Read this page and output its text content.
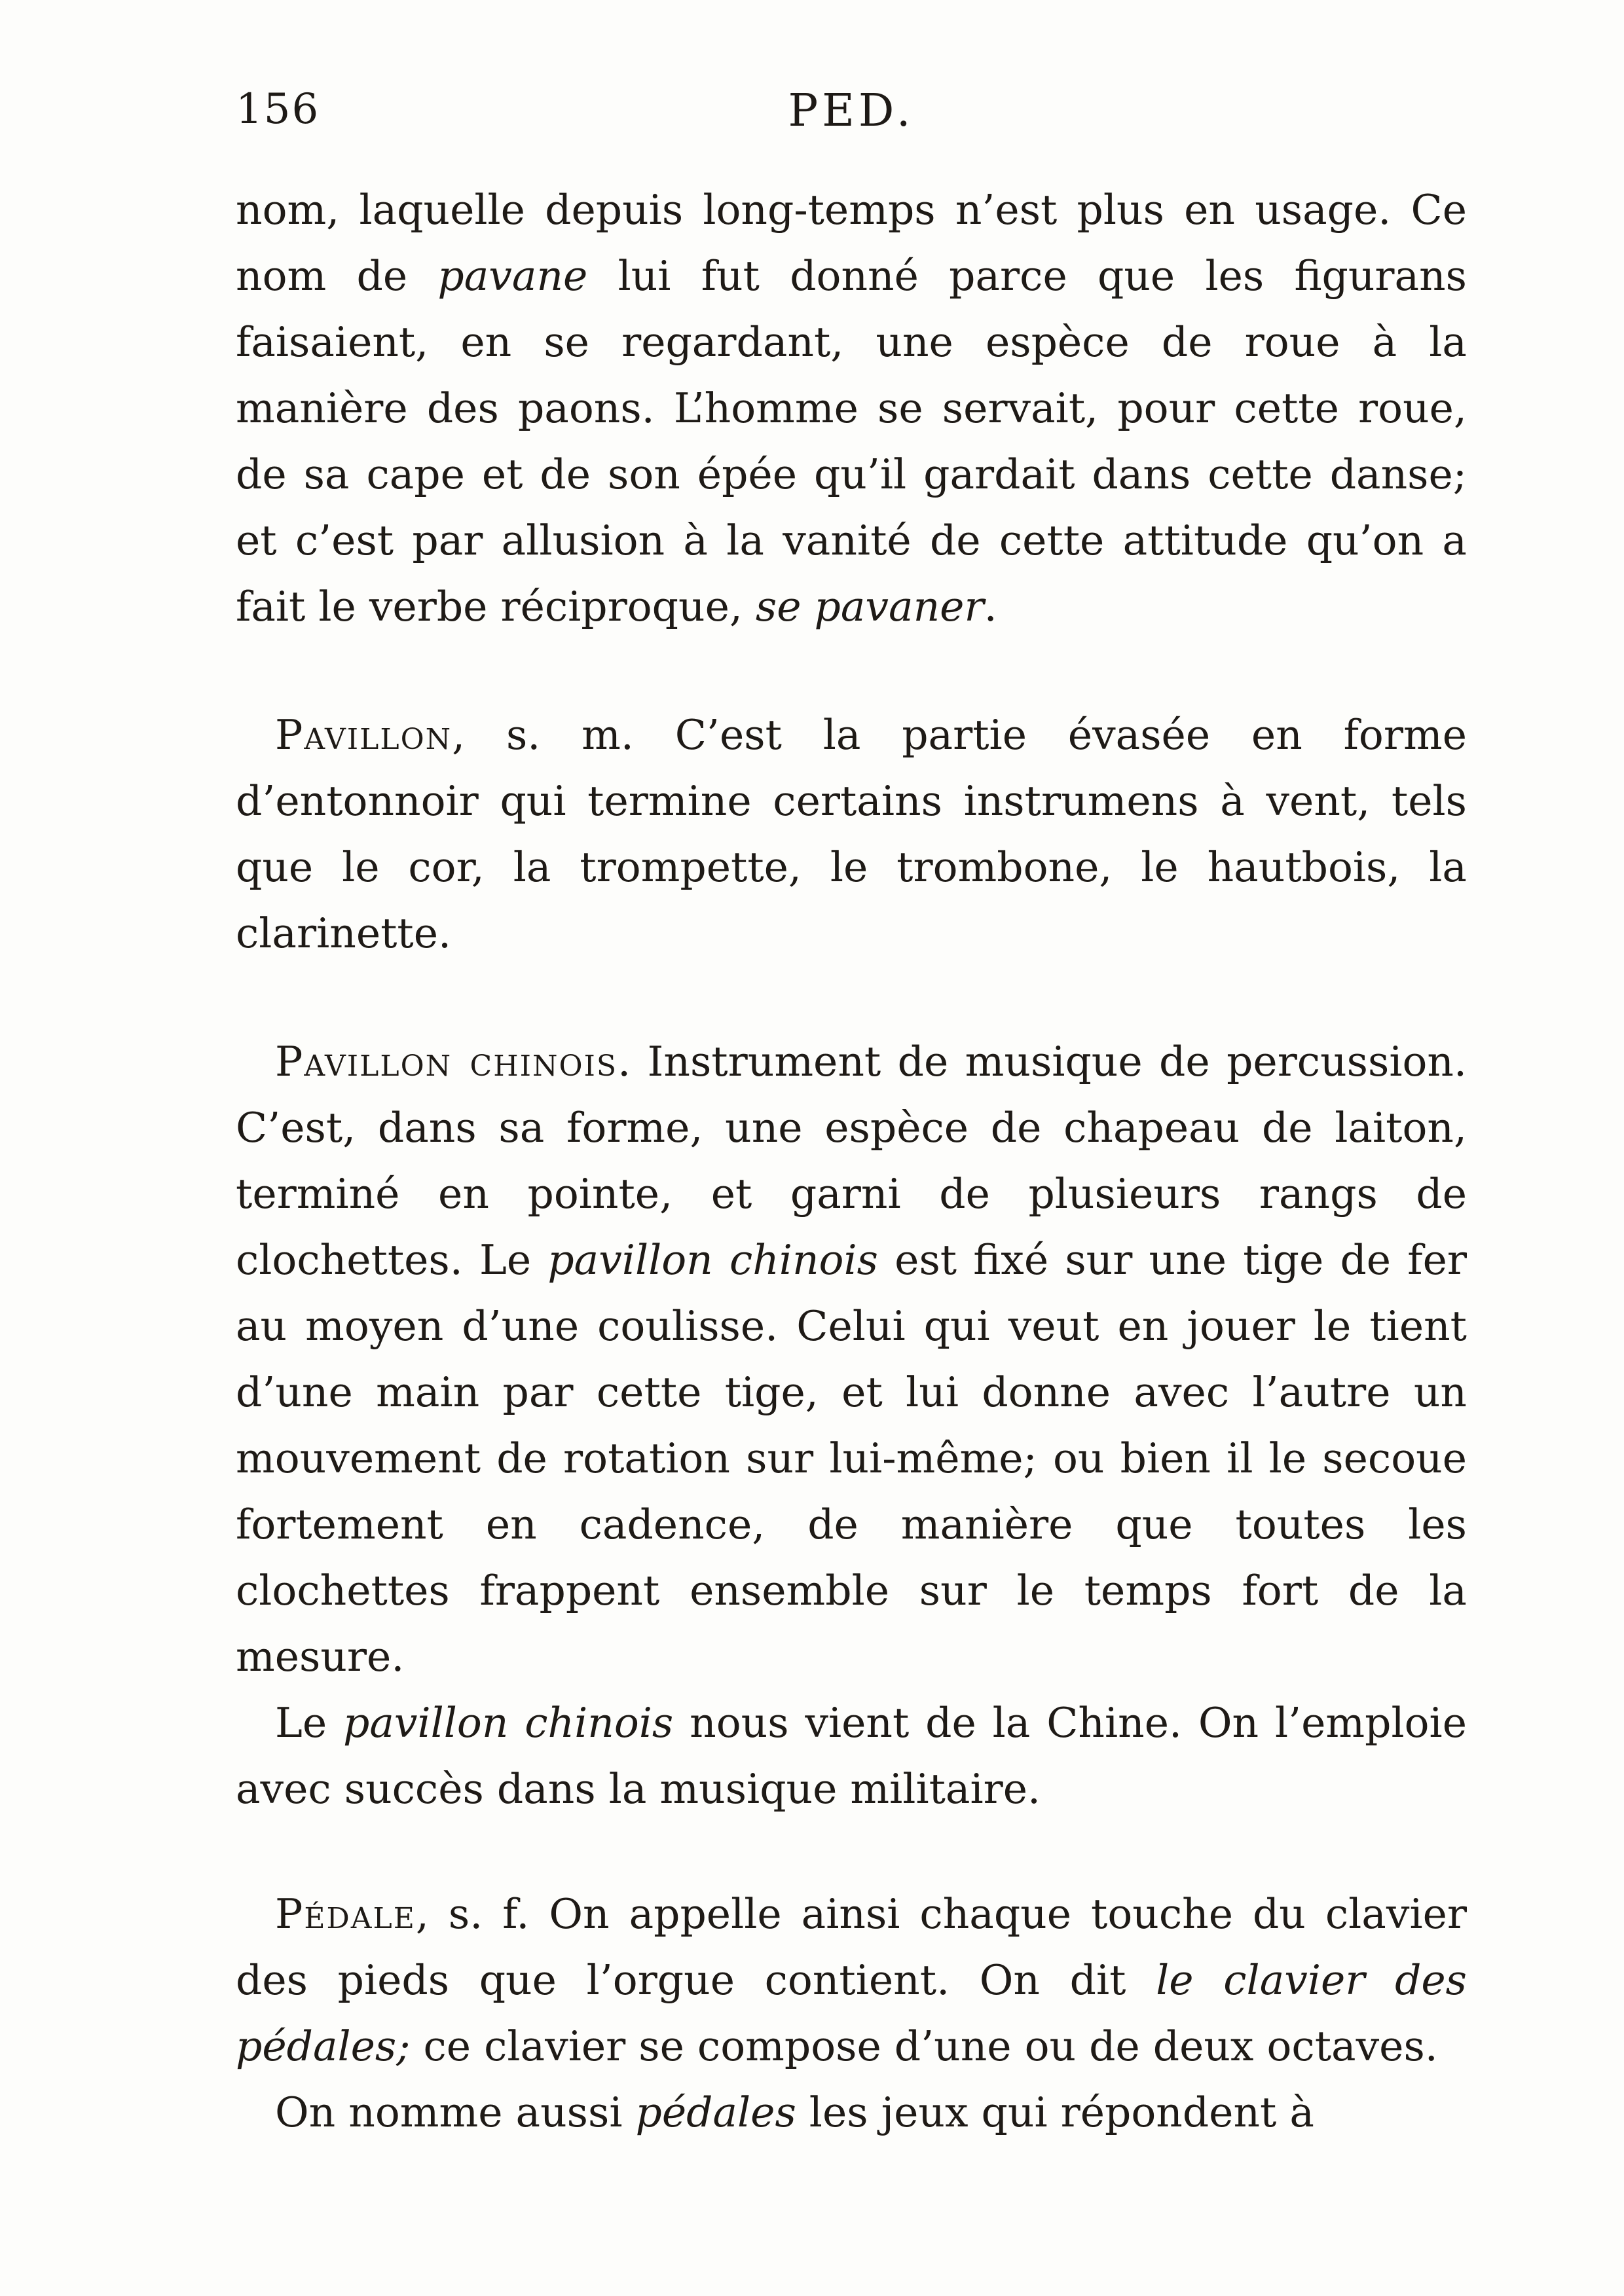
156	PED.

nom, laquelle depuis long-temps n’est plus en usage. Ce nom de pavane lui fut donné parce que les figurans faisaient, en se regardant, une espèce de roue à la manière des paons. L’homme se servait, pour cette roue, de sa cape et de son épée qu’il gardait dans cette danse; et c’est par allusion à la vanité de cette attitude qu’on a fait le verbe réciproque, se pavaner.

Pavillon, s. m. C’est la partie évasée en forme d’entonnoir qui termine certains instrumens à vent, tels que le cor, la trompette, le trombone, le hautbois, la clarinette.

Pavillon chinois. Instrument de musique de percussion. C’est, dans sa forme, une espèce de chapeau de laiton, terminé en pointe, et garni de plusieurs rangs de clochettes. Le pavillon chinois est fixé sur une tige de fer au moyen d’une coulisse. Celui qui veut en jouer le tient d’une main par cette tige, et lui donne avec l’autre un mouvement de rotation sur lui-même; ou bien il le secoue fortement en cadence, de manière que toutes les clochettes frappent ensemble sur le temps fort de la mesure.

Le pavillon chinois nous vient de la Chine. On l’emploie avec succès dans la musique militaire.

Pédale, s. f. On appelle ainsi chaque touche du clavier des pieds que l’orgue contient. On dit le clavier des pédales; ce clavier se compose d’une ou de deux octaves.

On nomme aussi pédales les jeux qui répondent à
